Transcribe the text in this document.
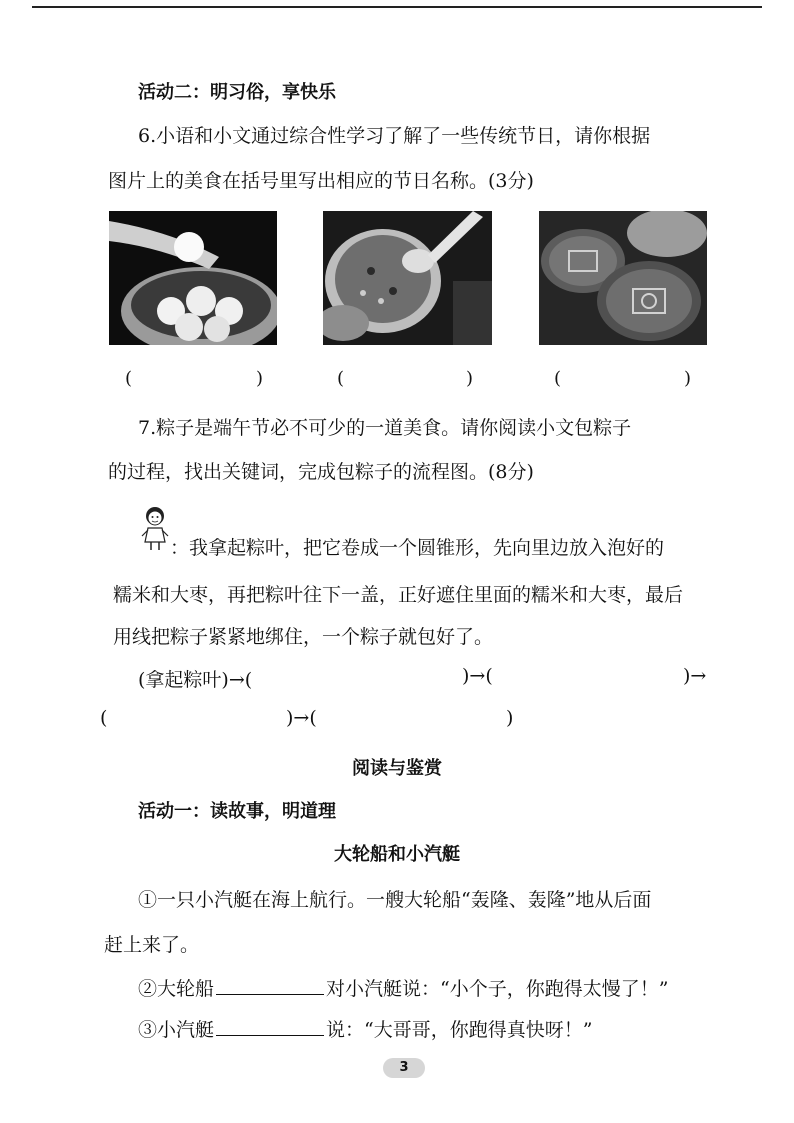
活动二：明习俗，享快乐
6.小语和小文通过综合性学习了解了一些传统节日，请你根据
图片上的美食在括号里写出相应的节日名称。(3分)
(	)	(	)	(	)
7.粽子是端午节必不可少的一道美食。请你阅读小文包粽子
的过程，找出关键词，完成包粽子的流程图。(8分)
：我拿起粽叶，把它卷成一个圆锥形，先向里边放入泡好的
糯米和大枣，再把粽叶往下一盖，正好遮住里面的糯米和大枣，最后
用线把粽子紧紧地绑住，一个粽子就包好了。
(拿起粽叶)→(	)→(	)→
(	)→(	)
阅读与鉴赏
活动一：读故事，明道理
大轮船和小汽艇
①一只小汽艇在海上航行。一艘大轮船“轰隆、轰隆”地从后面
赶上来了。
②大轮船	对小汽艇说：“小个子，你跑得太慢了！”
③小汽艇	说：“大哥哥，你跑得真快呀！”
3
